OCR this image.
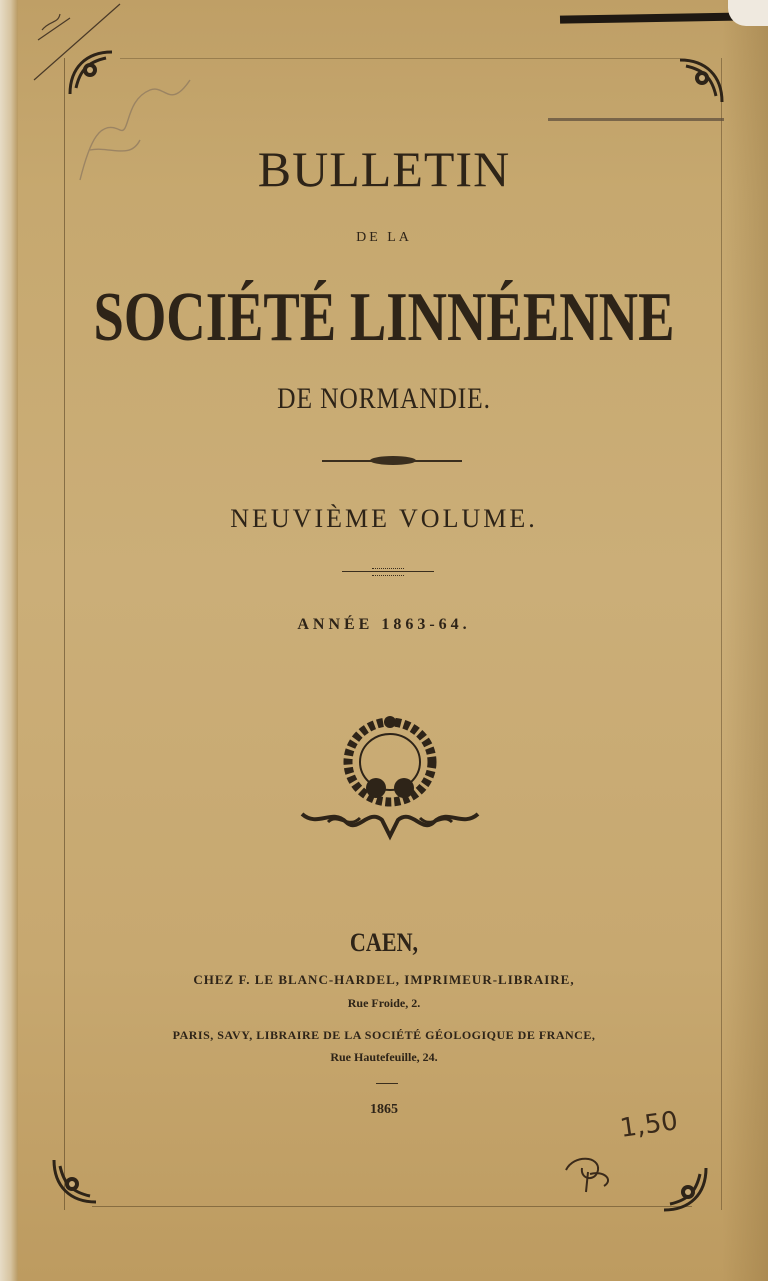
BULLETIN
DE LA
SOCIÉTÉ LINNÉENNE
DE NORMANDIE.
NEUVIÈME VOLUME.
ANNÉE 1863-64.
CAEN,
CHEZ F. LE BLANC-HARDEL, IMPRIMEUR-LIBRAIRE,
Rue Froide, 2.
PARIS, SAVY, LIBRAIRE DE LA SOCIÉTÉ GÉOLOGIQUE DE FRANCE,
Rue Hautefeuille, 24.
1865	1,50
